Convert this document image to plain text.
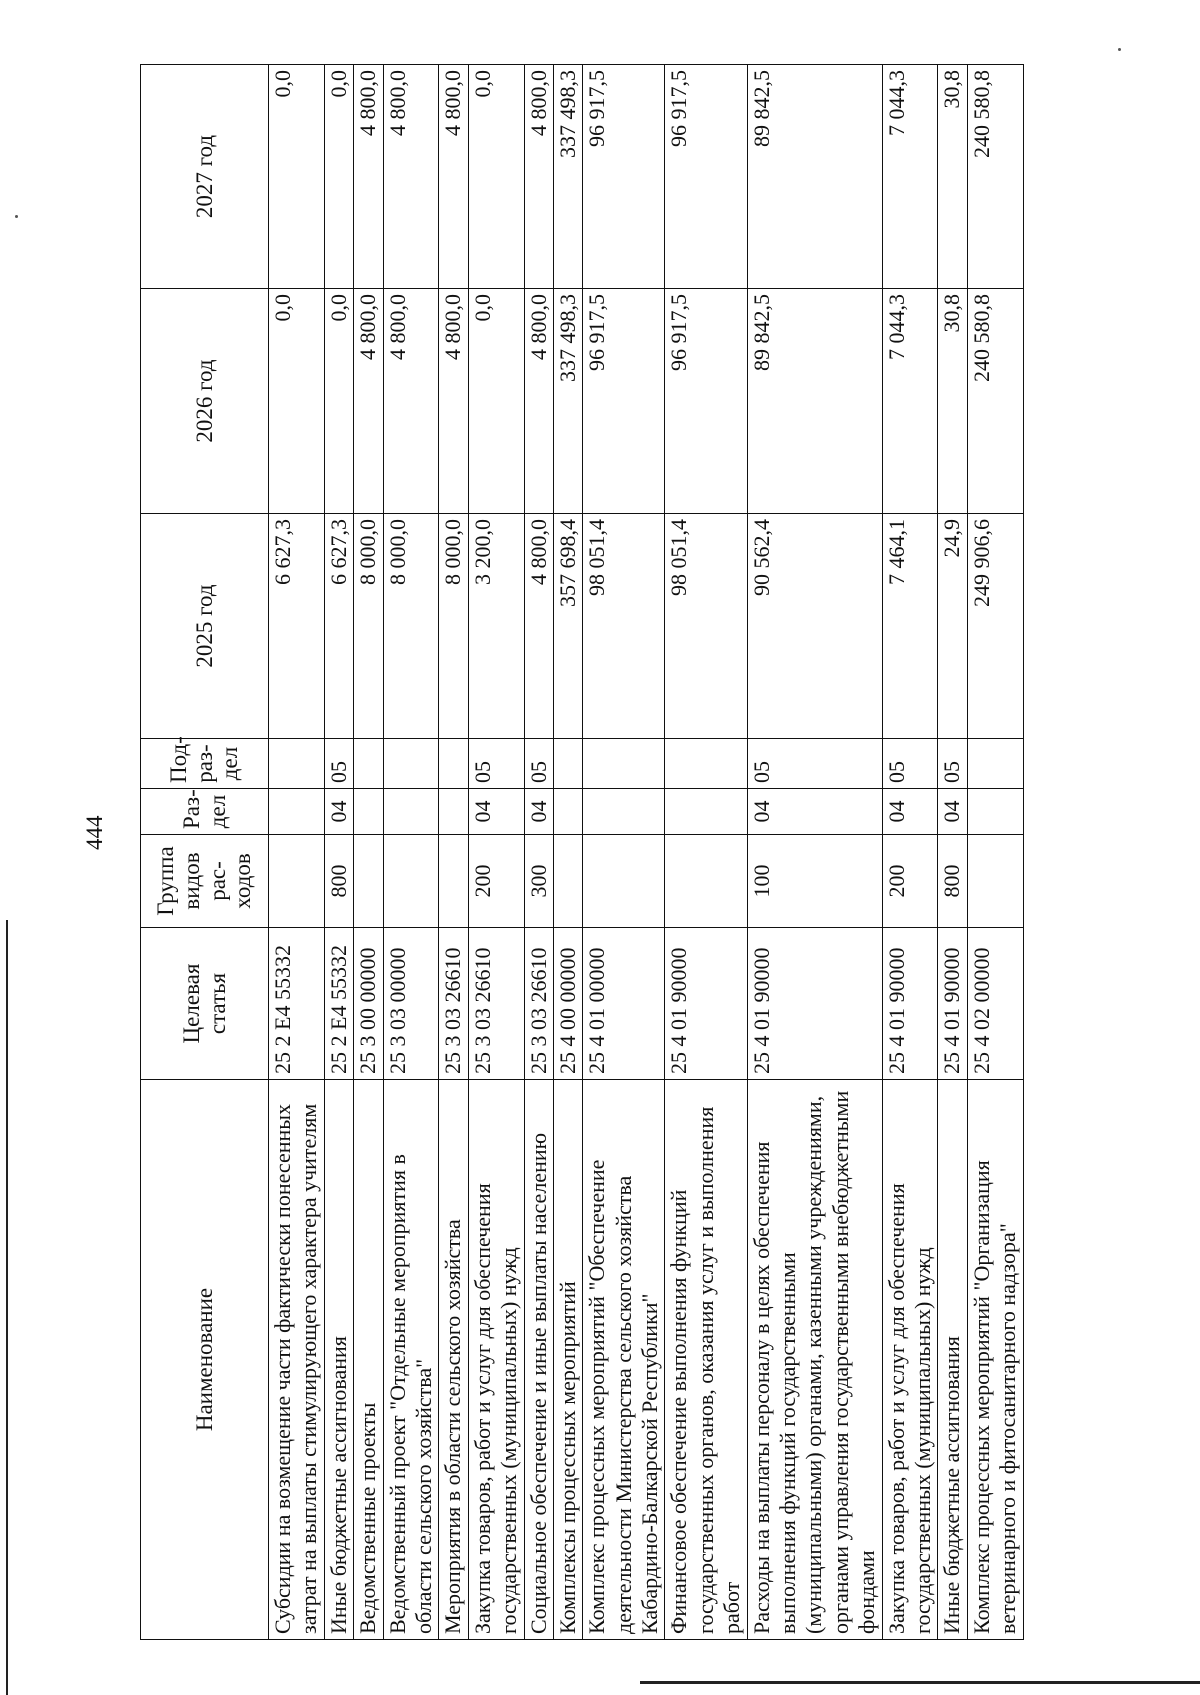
444
Наименование	Целевая статья	Группа видов рас-ходов	Раз-дел	Под-раз-дел	2025 год	2026 год	2027 год
Субсидии на возмещение части фактически понесенных затрат на выплаты стимулирующего характера учителям	25 2 Е4 55332				6 627,3	0,0	0,0
Иные бюджетные ассигнования	25 2 Е4 55332	800	04	05	6 627,3	0,0	0,0
Ведомственные проекты	25 3 00 00000				8 000,0	4 800,0	4 800,0
Ведомственный проект "Отдельные мероприятия в области сельского хозяйства"	25 3 03 00000				8 000,0	4 800,0	4 800,0
Мероприятия в области сельского хозяйства	25 3 03 26610				8 000,0	4 800,0	4 800,0
Закупка товаров, работ и услуг для обеспечения государственных (муниципальных) нужд	25 3 03 26610	200	04	05	3 200,0	0,0	0,0
Социальное обеспечение и иные выплаты населению	25 3 03 26610	300	04	05	4 800,0	4 800,0	4 800,0
Комплексы процессных мероприятий	25 4 00 00000				357 698,4	337 498,3	337 498,3
Комплекс процессных мероприятий "Обеспечение деятельности Министерства сельского хозяйства Кабардино-Балкарской Республики"	25 4 01 00000				98 051,4	96 917,5	96 917,5
Финансовое обеспечение выполнения функций государственных органов, оказания услуг и выполнения работ	25 4 01 90000				98 051,4	96 917,5	96 917,5
Расходы на выплаты персоналу в целях обеспечения выполнения функций государственными (муниципальными) органами, казенными учреждениями, органами управления государственными внебюджетными фондами	25 4 01 90000	100	04	05	90 562,4	89 842,5	89 842,5
Закупка товаров, работ и услуг для обеспечения государственных (муниципальных) нужд	25 4 01 90000	200	04	05	7 464,1	7 044,3	7 044,3
Иные бюджетные ассигнования	25 4 01 90000	800	04	05	24,9	30,8	30,8
Комплекс процессных мероприятий "Организация ветеринарного и фитосанитарного надзора"	25 4 02 00000				249 906,6	240 580,8	240 580,8
